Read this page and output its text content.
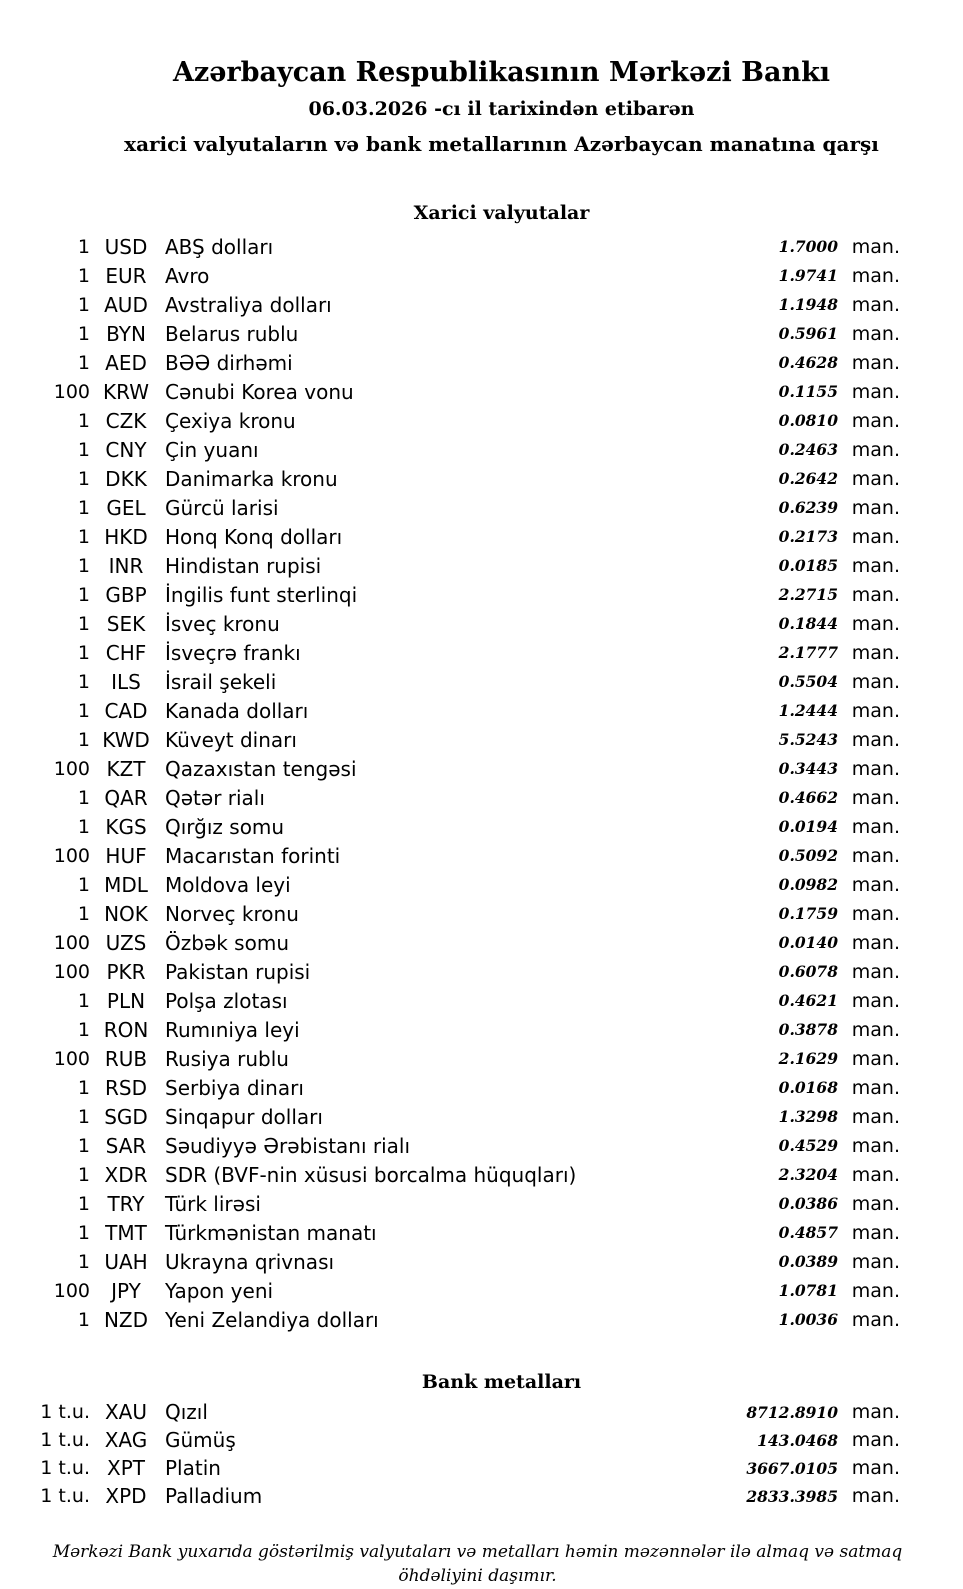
Azərbaycan Respublikasının Mərkəzi Bankı
06.03.2026 -cı il tarixindən etibarən
xarici valyutaların və bank metallarının Azərbaycan manatına qarşı
Xarici valyutalar
1 USD ABŞ dolları	1.7000 man.
1 EUR Avro	1.9741 man.
1 AUD Avstraliya dolları	1.1948 man.
1 BYN Belarus rublu	0.5961 man.
1 AED BƏƏ dirhəmi	0.4628 man.
100 KRW Cənubi Korea vonu	0.1155 man.
1 CZK Çexiya kronu	0.0810 man.
1 CNY Çin yuanı	0.2463 man.
1 DKK Danimarka kronu	0.2642 man.
1 GEL Gürcü larisi	0.6239 man.
1 HKD Honq Konq dolları	0.2173 man.
1 INR	Hindistan rupisi	0.0185 man.
1 GBP İngilis funt sterlinqi	2.2715 man.
1 SEK İsveç kronu	0.1844 man.
1 CHF İsveçrə frankı	2.1777 man.
1	ILS	İsrail şekeli	0.5504 man.
1 CAD Kanada dolları	1.2444 man.
1 KWD Küveyt dinarı	5.5243 man.
100 KZT Qazaxıstan tengəsi	0.3443 man.
1 QAR Qətər rialı	0.4662 man.
1 KGS Qırğız somu	0.0194 man.
100 HUF Macarıstan forinti	0.5092 man.
1 MDL Moldova leyi	0.0982 man.
1 NOK Norveç kronu	0.1759 man.
100 UZS Özbək somu	0.0140 man.
100 PKR Pakistan rupisi	0.6078 man.
1 PLN Polşa zlotası	0.4621 man.
1 RON Rumıniya leyi	0.3878 man.
100 RUB Rusiya rublu	2.1629 man.
1 RSD Serbiya dinarı	0.0168 man.
1 SGD Sinqapur dolları	1.3298 man.
1 SAR Səudiyyə Ərəbistanı rialı	0.4529 man.
1 XDR SDR (BVF-nin xüsusi borcalma hüquqları)	2.3204 man.
1 TRY	Türk lirəsi	0.0386 man.
1 TMT Türkmənistan manatı	0.4857 man.
1 UAH Ukrayna qrivnası	0.0389 man.
100	JPY	Yapon yeni	1.0781 man.
1 NZD Yeni Zelandiya dolları	1.0036 man.
Bank metalları
1 t.u. XAU Qızıl	8712.8910 man.
1 t.u. XAG Gümüş	143.0468 man.
1 t.u. XPT	Platin	3667.0105 man.
1 t.u. XPD Palladium	2833.3985 man.
Mərkəzi Bank yuxarıda göstərilmiş valyutaları və metalları həmin məzənnələr ilə almaq və satmaq öhdəliyini daşımır.
